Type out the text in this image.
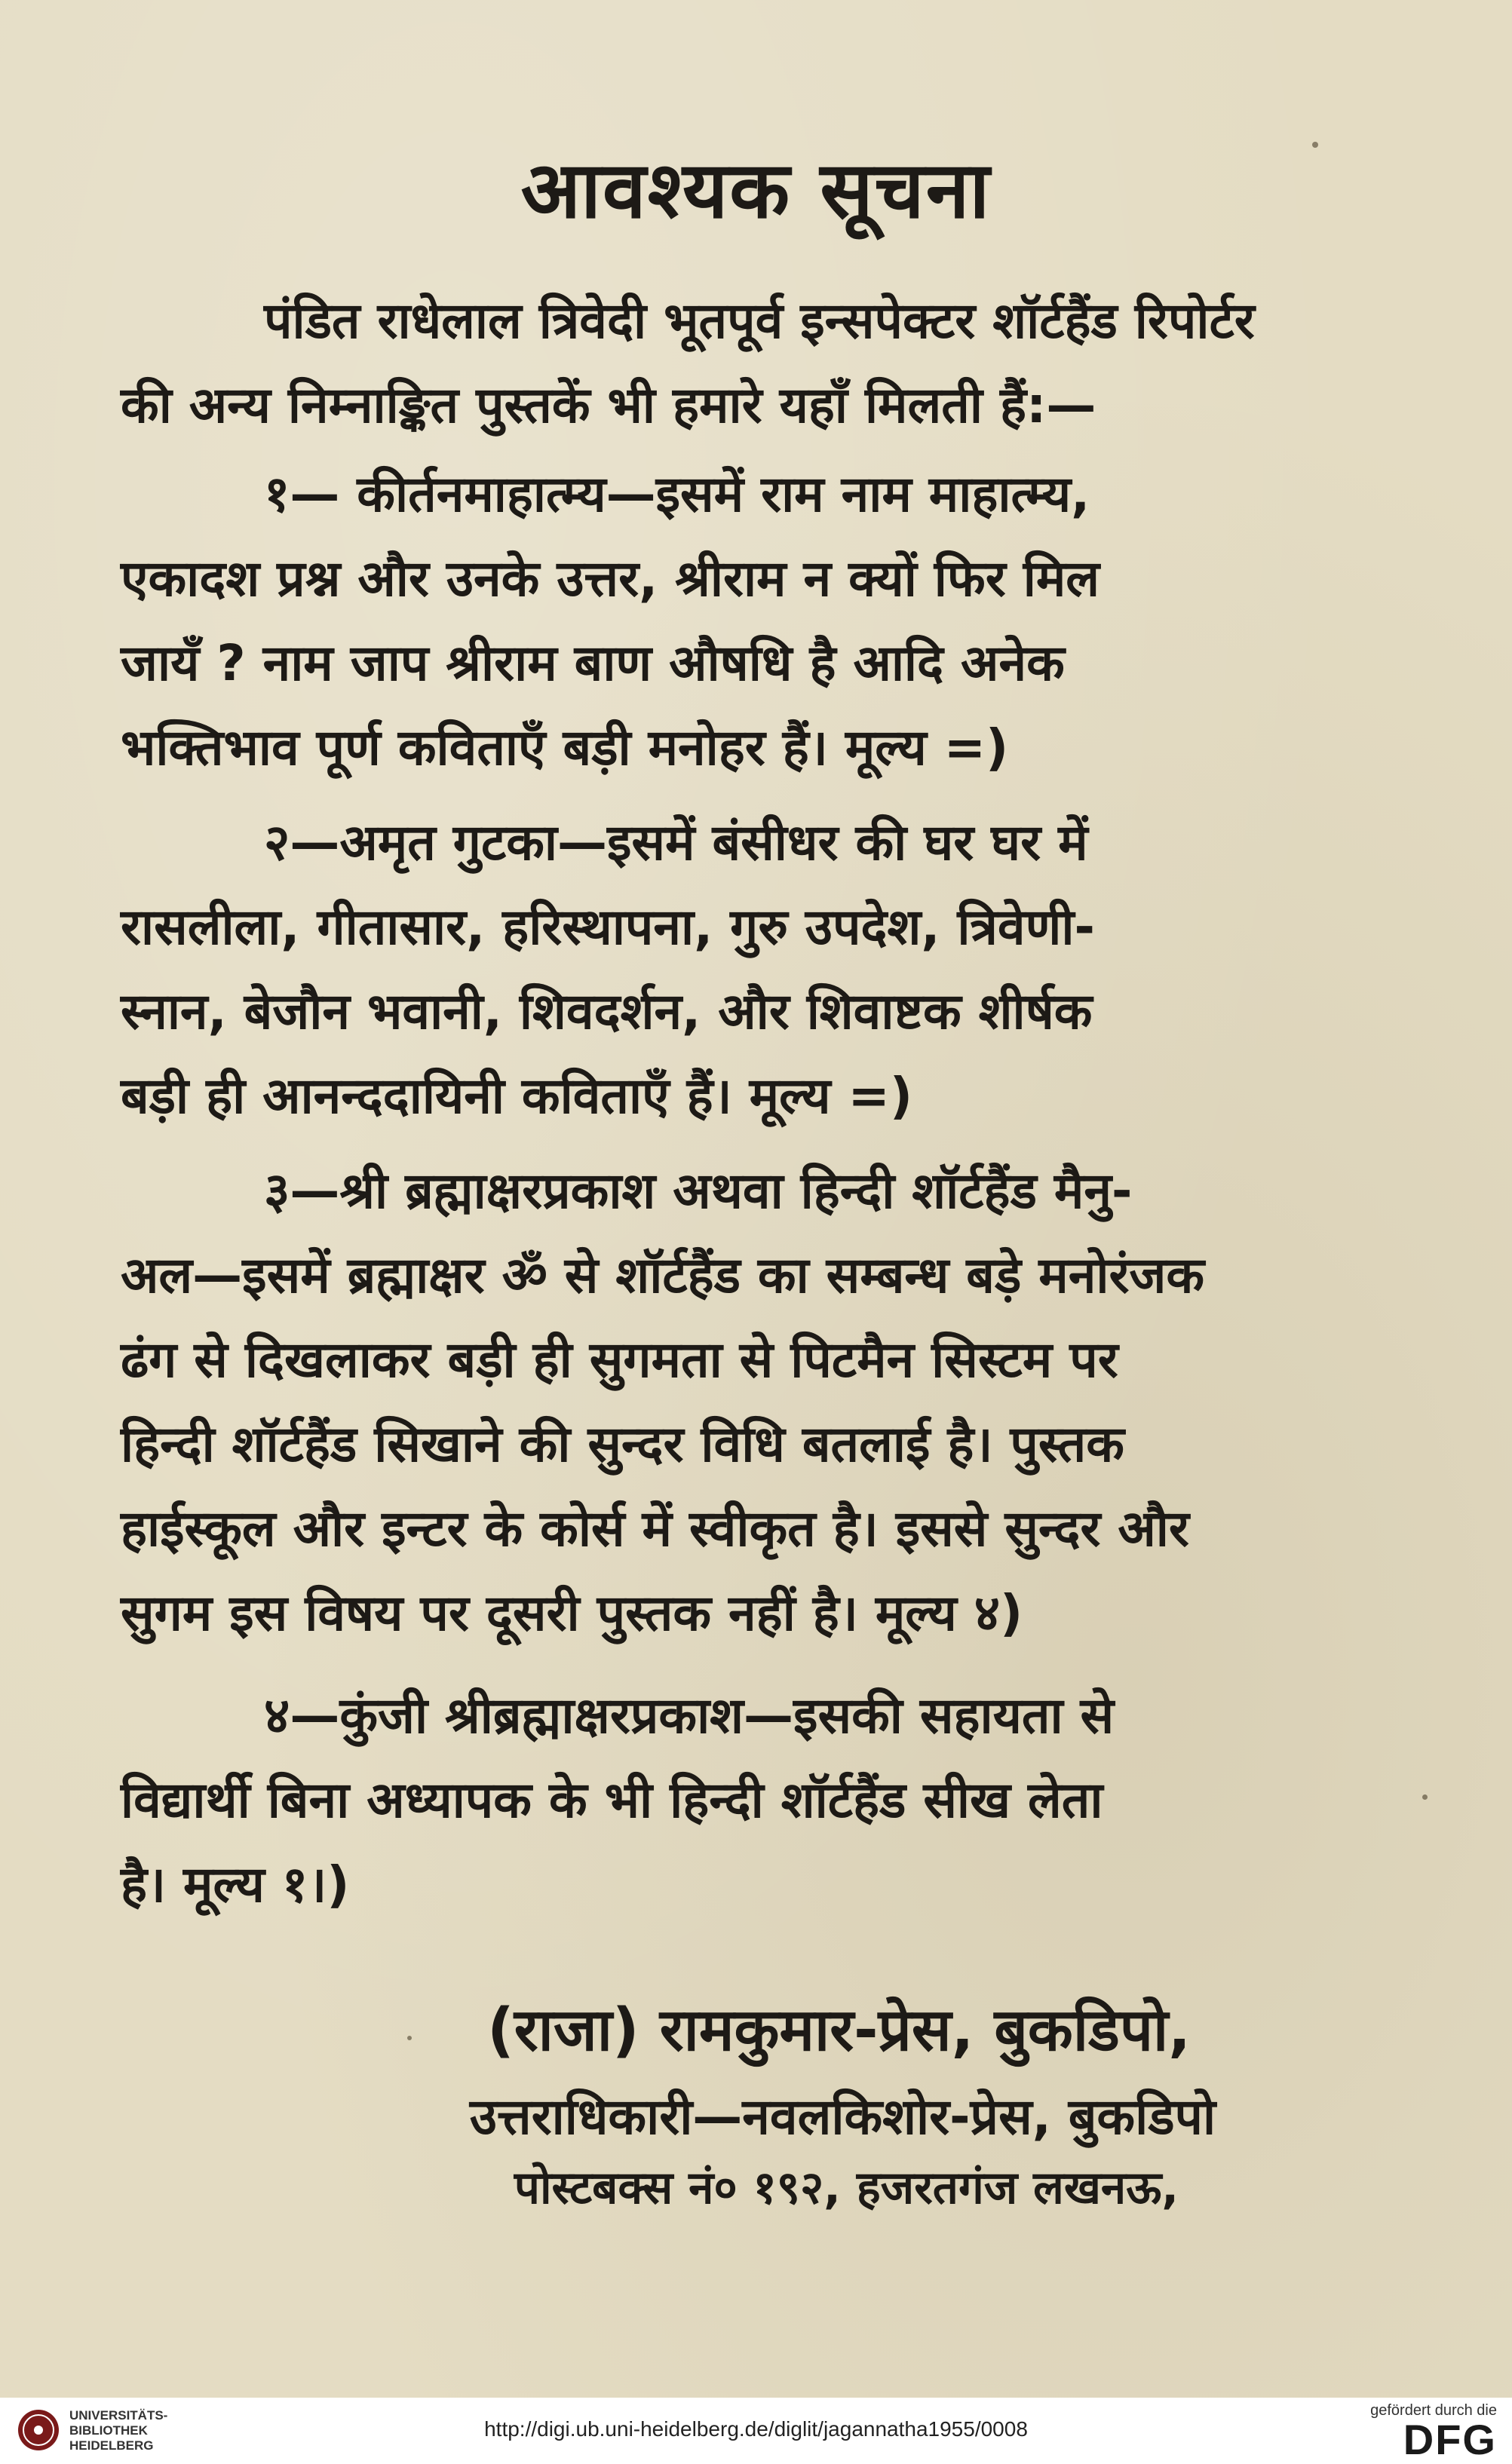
आवश्यक सूचना
पंडित राधेलाल त्रिवेदी भूतपूर्व इन्सपेक्टर शॉर्टहैंड रिपोर्टर
की अन्य निम्नाङ्कित पुस्तकें भी हमारे यहाँ मिलती हैं:—
१— कीर्तनमाहात्म्य—इसमें राम नाम माहात्म्य,
एकादश प्रश्न और उनके उत्तर, श्रीराम न क्यों फिर मिल
जायँ ? नाम जाप श्रीराम बाण औषधि है आदि अनेक
भक्तिभाव पूर्ण कविताएँ बड़ी मनोहर हैं। मूल्य =)
२—अमृत गुटका—इसमें बंसीधर की घर घर में
रासलीला, गीतासार, हरिस्थापना, गुरु उपदेश, त्रिवेणी-
स्नान, बेजौन भवानी, शिवदर्शन, और शिवाष्टक शीर्षक
बड़ी ही आनन्ददायिनी कविताएँ हैं। मूल्य =)
३—श्री ब्रह्माक्षरप्रकाश अथवा हिन्दी शॉर्टहैंड मैनु-
अल—इसमें ब्रह्माक्षर ॐ से शॉर्टहैंड का सम्बन्ध बड़े मनोरंजक
ढंग से दिखलाकर बड़ी ही सुगमता से पिटमैन सिस्टम पर
हिन्दी शॉर्टहैंड सिखाने की सुन्दर विधि बतलाई है। पुस्तक
हाईस्कूल और इन्टर के कोर्स में स्वीकृत है। इससे सुन्दर और
सुगम इस विषय पर दूसरी पुस्तक नहीं है। मूल्य ४)
४—कुंजी श्रीब्रह्माक्षरप्रकाश—इसकी सहायता से
विद्यार्थी बिना अध्यापक के भी हिन्दी शॉर्टहैंड सीख लेता
है। मूल्य १।)
(राजा) रामकुमार-प्रेस, बुकडिपो,
उत्तराधिकारी—नवलकिशोर-प्रेस, बुकडिपो
पोस्टबक्स नं० १९२, हजरतगंज लखनऊ,
UNIVERSITÄTS-
BIBLIOTHEK
HEIDELBERG
http://digi.ub.uni-heidelberg.de/diglit/jagannatha1955/0008
gefördert durch die
DFG
